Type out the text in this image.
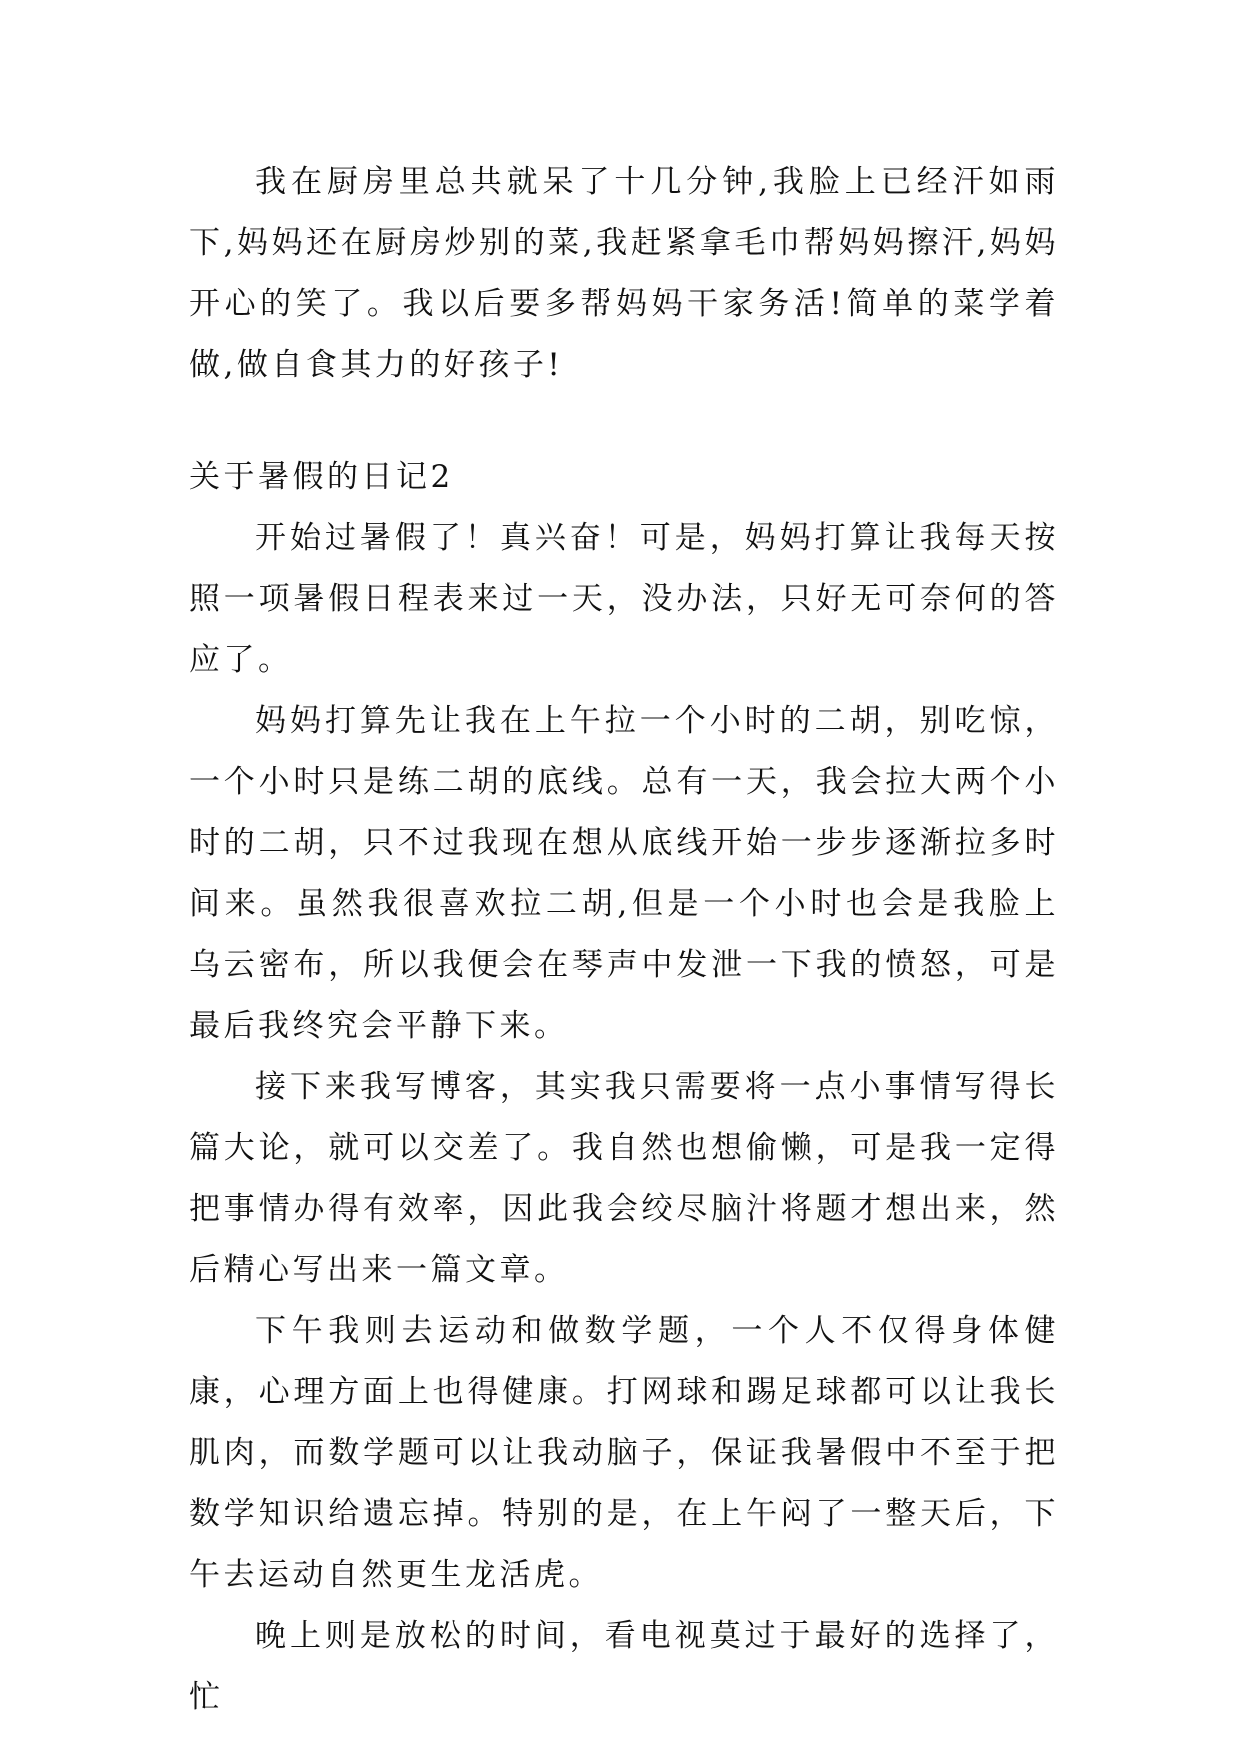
我在厨房里总共就呆了十几分钟,我脸上已经汗如雨下,妈妈还在厨房炒别的菜,我赶紧拿毛巾帮妈妈擦汗,妈妈开心的笑了。我以后要多帮妈妈干家务活!简单的菜学着做,做自食其力的好孩子!

关于暑假的日记2

开始过暑假了！真兴奋！可是，妈妈打算让我每天按照一项暑假日程表来过一天，没办法，只好无可奈何的答应了。

妈妈打算先让我在上午拉一个小时的二胡，别吃惊，一个小时只是练二胡的底线。总有一天，我会拉大两个小时的二胡，只不过我现在想从底线开始一步步逐渐拉多时间来。虽然我很喜欢拉二胡,但是一个小时也会是我脸上乌云密布，所以我便会在琴声中发泄一下我的愤怒，可是最后我终究会平静下来。

接下来我写博客，其实我只需要将一点小事情写得长篇大论，就可以交差了。我自然也想偷懒，可是我一定得把事情办得有效率，因此我会绞尽脑汁将题才想出来，然后精心写出来一篇文章。

下午我则去运动和做数学题，一个人不仅得身体健康，心理方面上也得健康。打网球和踢足球都可以让我长肌肉，而数学题可以让我动脑子，保证我暑假中不至于把数学知识给遗忘掉。特别的是，在上午闷了一整天后，下午去运动自然更生龙活虎。

晚上则是放松的时间，看电视莫过于最好的选择了，忙
